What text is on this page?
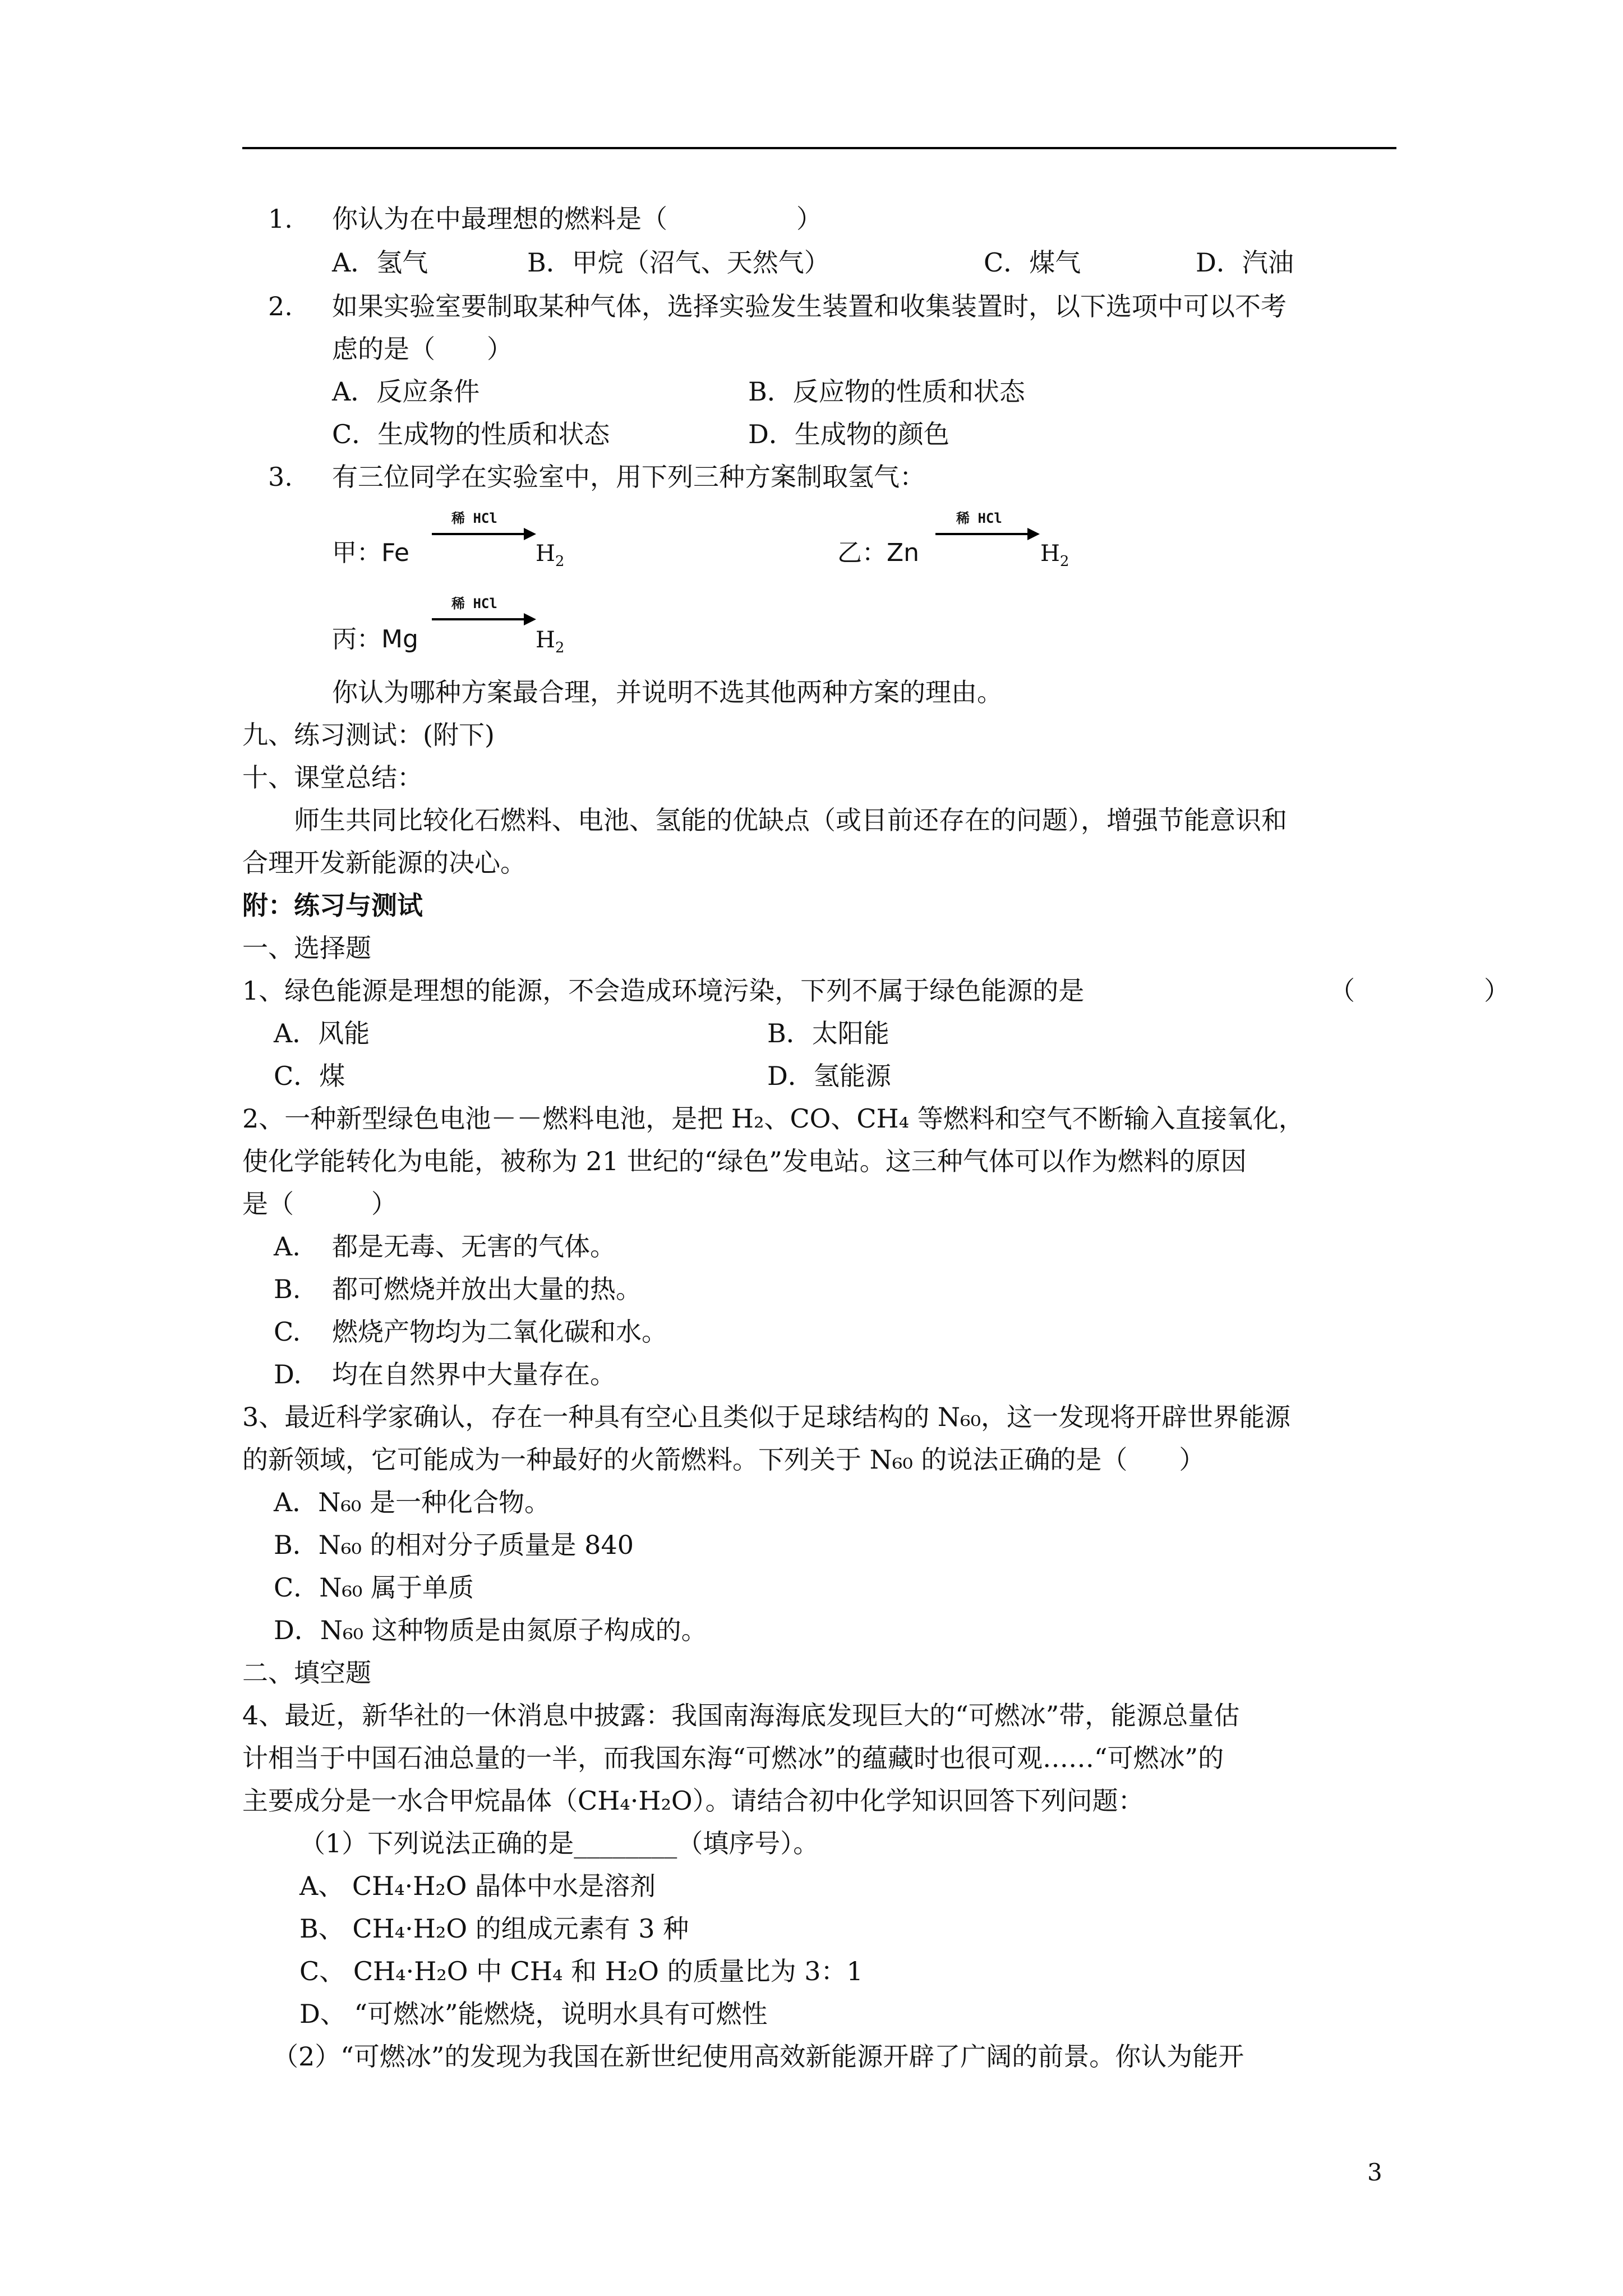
1. 你认为在中最理想的燃料是（　　　　　）
A．氢气	B．甲烷（沼气、天然气）	C．煤气	D．汽油
2. 如果实验室要制取某种气体，选择实验发生装置和收集装置时，以下选项中可以不考
虑的是（　　）
A．反应条件	B．反应物的性质和状态
C．生成物的性质和状态	D．生成物的颜色
3. 有三位同学在实验室中，用下列三种方案制取氢气：
甲：Fe
稀 HCl
$H_2$	乙：Zn
稀 HCl
$H_2$
丙：Mg
稀 HCl
$H_2$
你认为哪种方案最合理，并说明不选其他两种方案的理由。
九、练习测试：(附下)
十、课堂总结：
师生共同比较化石燃料、电池、氢能的优缺点（或目前还存在的问题），增强节能意识和
合理开发新能源的决心。
附：练习与测试
一、选择题
1、绿色能源是理想的能源，不会造成环境污染，下列不属于绿色能源的是	（　　　　　）
A．风能	B．太阳能
C．煤	D．氢能源
2、一种新型绿色电池－－燃料电池，是把 H₂、CO、CH₄ 等燃料和空气不断输入直接氧化，
使化学能转化为电能，被称为 21 世纪的“绿色”发电站。这三种气体可以作为燃料的原因
是（　　　）
A. 都是无毒、无害的气体。
B. 都可燃烧并放出大量的热。
C. 燃烧产物均为二氧化碳和水。
D. 均在自然界中大量存在。
3、最近科学家确认，存在一种具有空心且类似于足球结构的 N₆₀，这一发现将开辟世界能源
的新领域，它可能成为一种最好的火箭燃料。下列关于 N₆₀ 的说法正确的是（　　）
A．N₆₀ 是一种化合物。
B．N₆₀ 的相对分子质量是 840
C．N₆₀ 属于单质
D．N₆₀ 这种物质是由氮原子构成的。
二、填空题
4、最近，新华社的一休消息中披露：我国南海海底发现巨大的“可燃冰”带，能源总量估
计相当于中国石油总量的一半，而我国东海“可燃冰”的蕴藏时也很可观……“可燃冰”的
主要成分是一水合甲烷晶体（CH₄·H₂O）。请结合初中化学知识回答下列问题：
（1）下列说法正确的是________（填序号）。
A、 CH₄·H₂O 晶体中水是溶剂
B、 CH₄·H₂O 的组成元素有 3 种
C、 CH₄·H₂O 中 CH₄ 和 H₂O 的质量比为 3：1
D、 “可燃冰”能燃烧，说明水具有可燃性
（2）“可燃冰”的发现为我国在新世纪使用高效新能源开辟了广阔的前景。你认为能开
3
